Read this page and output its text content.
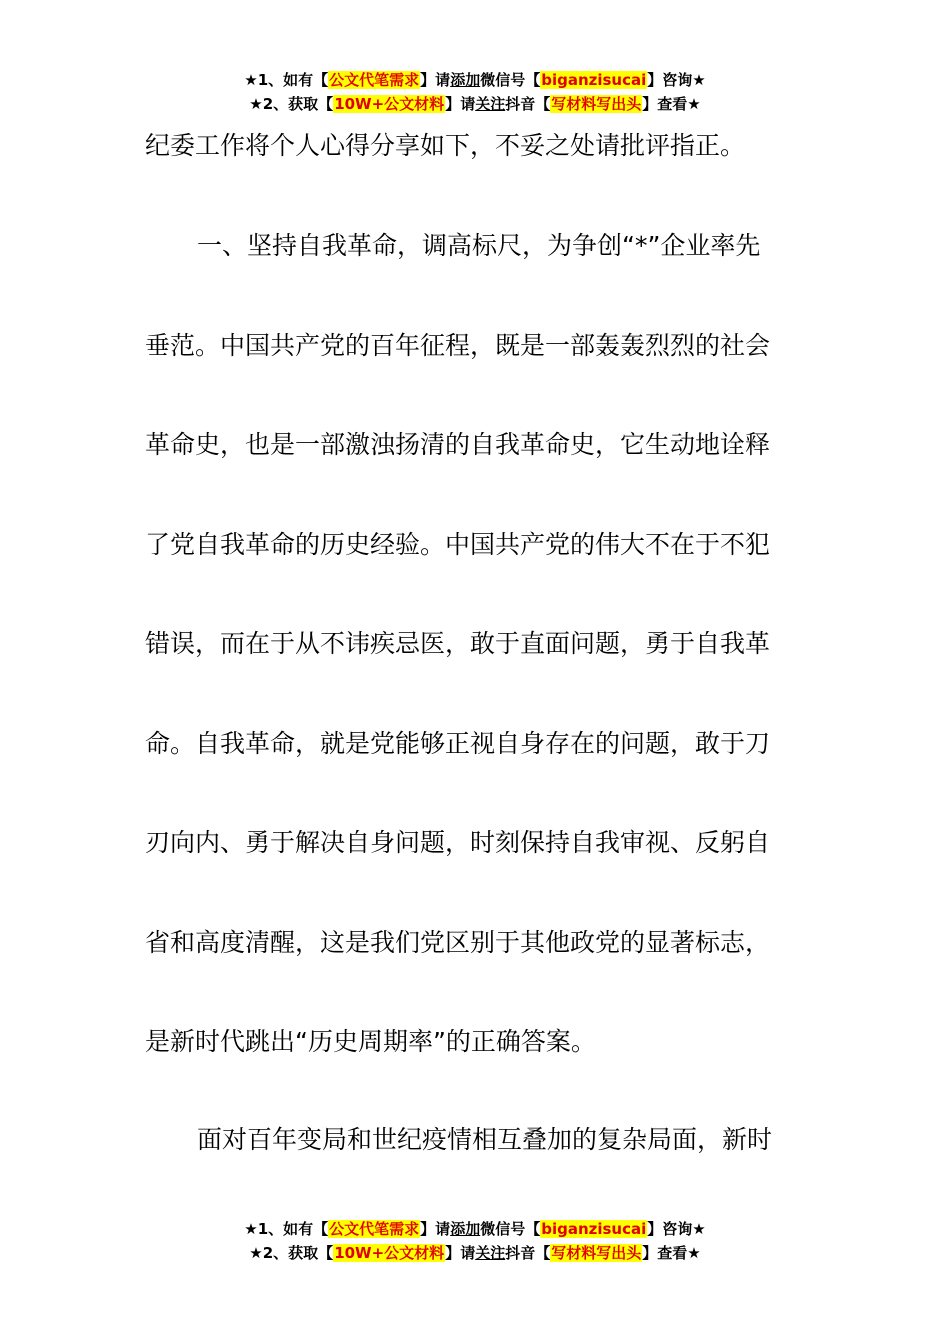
★1、如有【公文代笔需求】请添加微信号【biganzisucai】咨询★
★2、获取【10W+公文材料】请关注抖音【写材料写出头】查看★
纪委工作将个人心得分享如下，不妥之处请批评指正。
一、坚持自我革命，调高标尺，为争创“*”企业率先
垂范。中国共产党的百年征程，既是一部轰轰烈烈的社会
革命史，也是一部激浊扬清的自我革命史，它生动地诠释
了党自我革命的历史经验。中国共产党的伟大不在于不犯
错误，而在于从不讳疾忌医，敢于直面问题，勇于自我革
命。自我革命，就是党能够正视自身存在的问题，敢于刀
刃向内、勇于解决自身问题，时刻保持自我审视、反躬自
省和高度清醒，这是我们党区别于其他政党的显著标志，
是新时代跳出“历史周期率”的正确答案。
面对百年变局和世纪疫情相互叠加的复杂局面，新时
★1、如有【公文代笔需求】请添加微信号【biganzisucai】咨询★
★2、获取【10W+公文材料】请关注抖音【写材料写出头】查看★
